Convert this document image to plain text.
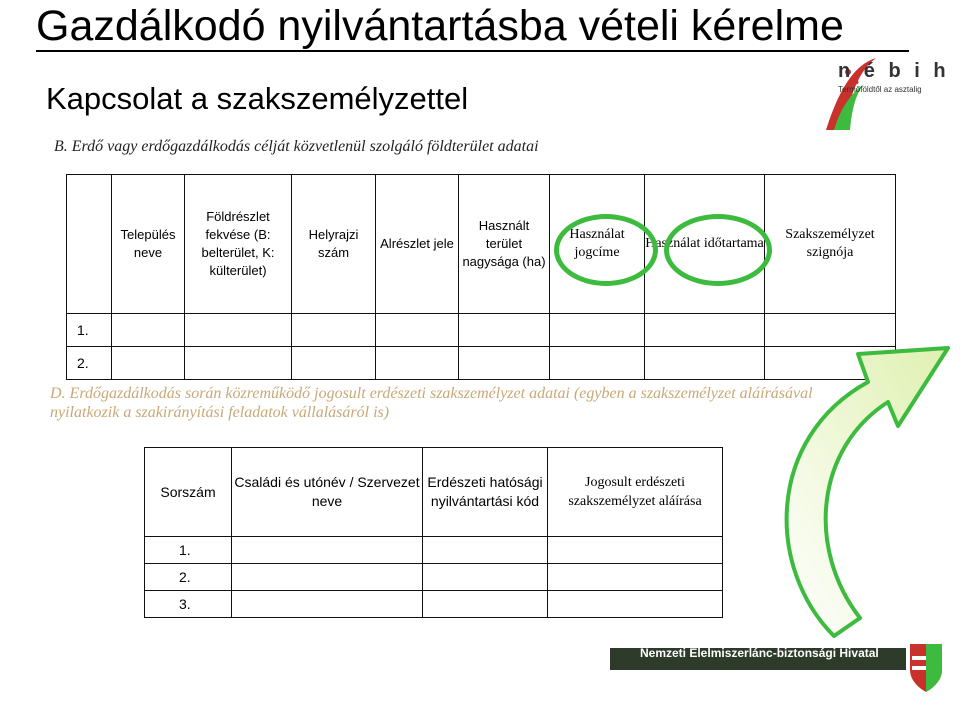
Gazdálkodó nyilvántartásba vételi kérelme
Kapcsolat a szakszemélyzettel
n é b i h
Termőföldtől az asztalig
B. Erdő vagy erdőgazdálkodás célját közvetlenül szolgáló földterület adatai
	Település neve	Földrészlet fekvése (B: belterület, K: külterület)	Helyrajzi szám	Alrészlet jele	Használt terület nagysága (ha)	Használat jogcíme	Használat időtartama	Szakszemélyzet szignója
1.								
2.								
D. Erdőgazdálkodás során közreműködő jogosult erdészeti szakszemélyzet adatai (egyben a szakszemélyzet aláírásával nyilatkozik a szakirányítási feladatok vállalásáról is)
Sorszám	Családi és utónév / Szervezet neve	Erdészeti hatósági nyilvántartási kód	Jogosult erdészeti szakszemélyzet aláírása
1.			
2.			
3.			
Nemzeti Élelmiszerlánc-biztonsági Hivatal
